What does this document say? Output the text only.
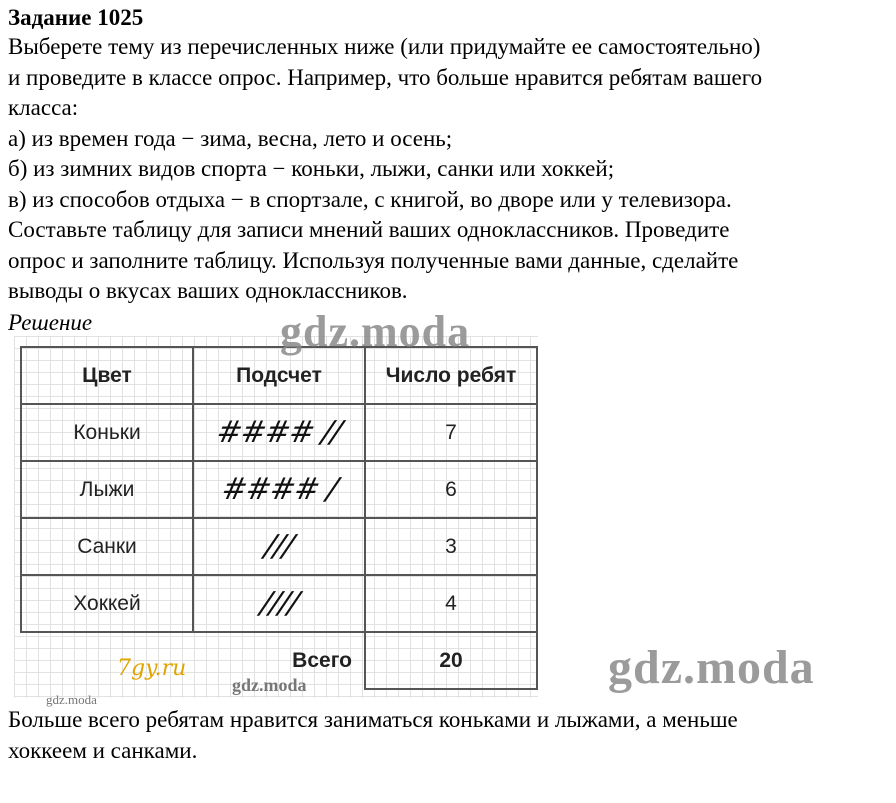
Задание 1025

Выберете тему из перечисленных ниже (или придумайте ее самостоятельно)

и проведите в классе опрос. Например, что больше нравится ребятам вашего

класса:

а) из времен года − зима, весна, лето и осень;

б) из зимних видов спорта − коньки, лыжи, санки или хоккей;

в) из способов отдыха − в спортзале, с книгой, во дворе или у телевизора.

Составьте таблицу для записи мнений ваших одноклассников. Проведите

опрос и заполните таблицу. Используя полученные вами данные, сделайте

выводы о вкусах ваших одноклассников.

Решение
Цвет	Подсчет	Число ребят
Коньки	#### //	7
Лыжи	#### /	6
Санки	///	3
Хоккей	////	4
	Всего	20
gdz.moda
gdz.moda
gdz.moda
gdz.moda
7gy.ru

Больше всего ребятам нравится заниматься коньками и лыжами, а меньше

хоккеем и санками.
